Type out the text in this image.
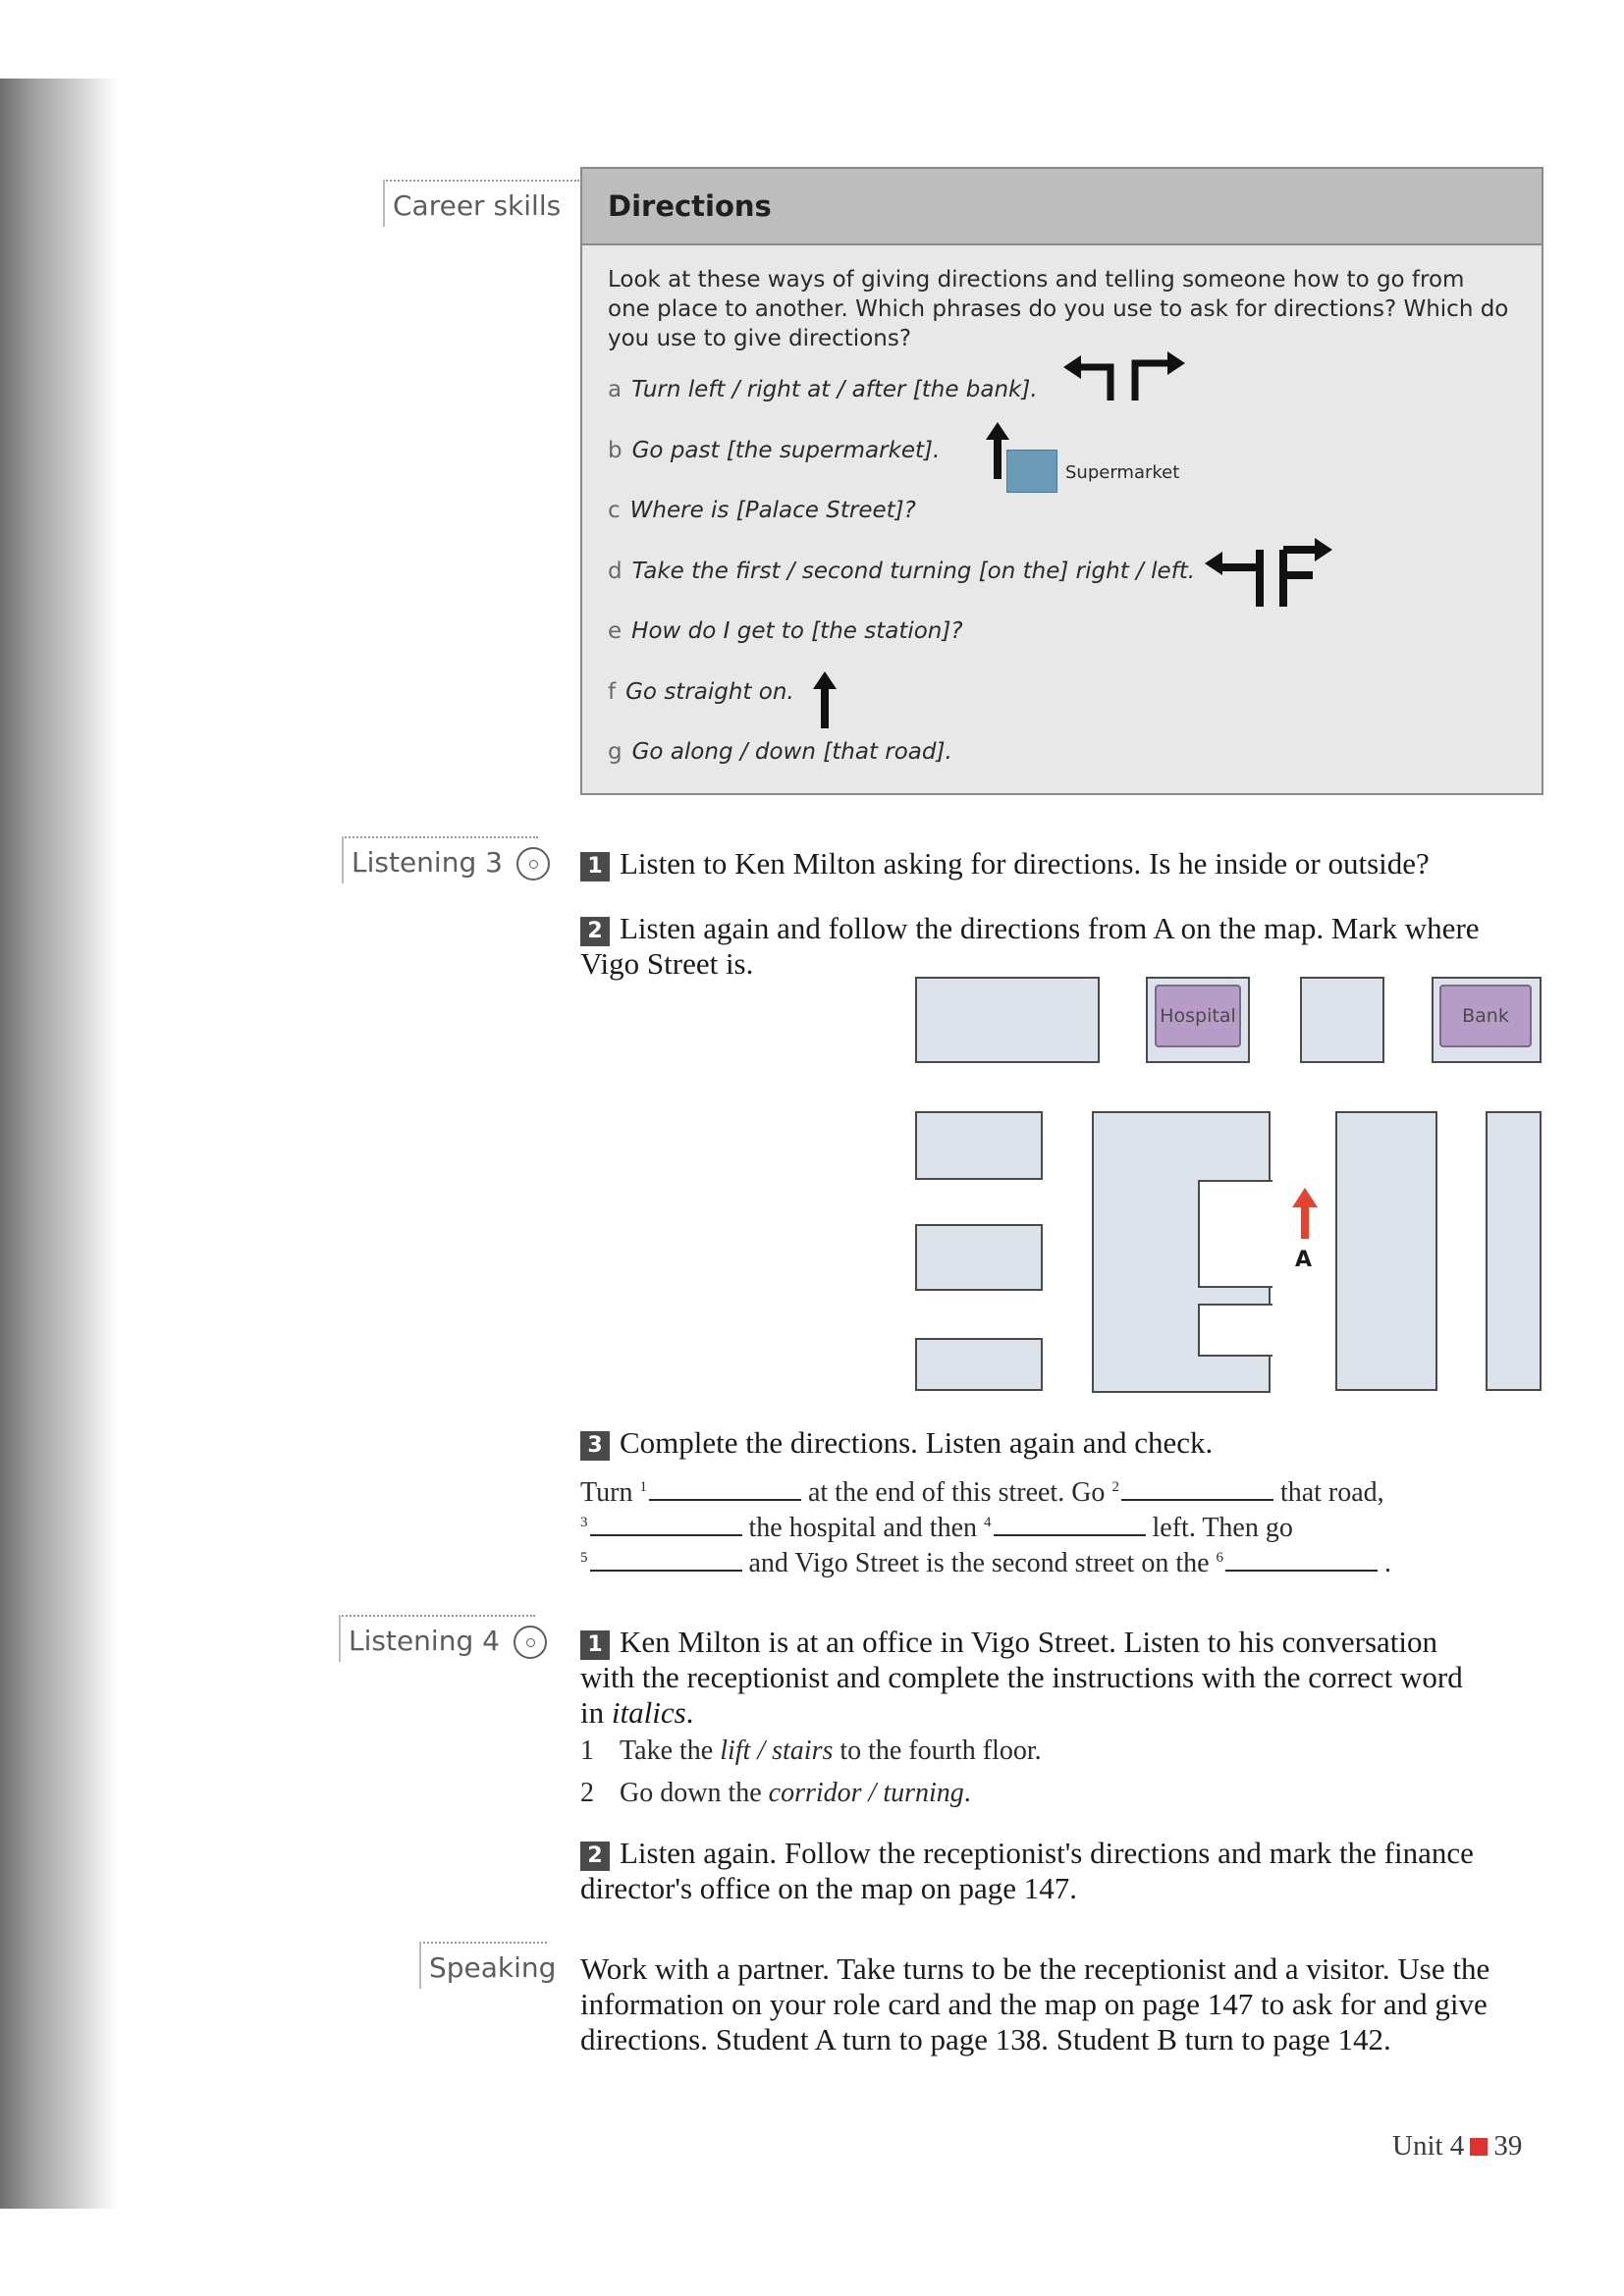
Career skills	Directions
Look at these ways of giving directions and telling someone how to go from one place to another. Which phrases do you use to ask for directions? Which do you use to give directions?
a Turn left / right at / after [the bank].
b Go past [the supermarket].
c Where is [Palace Street]?
d Take the first / second turning [on the] right / left.
e How do I get to [the station]?
f Go straight on.
g Go along / down [that road].
Supermarket
Listening 3	1 Listen to Ken Milton asking for directions. Is he inside or outside?
2 Listen again and follow the directions from A on the map. Mark where Vigo Street is.
Hospital	Bank
A
3 Complete the directions. Listen again and check.
Turn $^1$	at the end of this street. Go $^2$	that road,
$^3$	the hospital and then $^4$	left. Then go
$^5$	and Vigo Street is the second street on the $^6$	.
Listening 4	1 Ken Milton is at an office in Vigo Street. Listen to his conversation with the receptionist and complete the instructions with the correct word in italics.
1 Take the lift / stairs to the fourth floor.
2 Go down the corridor / turning.
2 Listen again. Follow the receptionist's directions and mark the finance director's office on the map on page 147.
Speaking Work with a partner. Take turns to be the receptionist and a visitor. Use the information on your role card and the map on page 147 to ask for and give directions. Student A turn to page 138. Student B turn to page 142.
Unit 4 39
